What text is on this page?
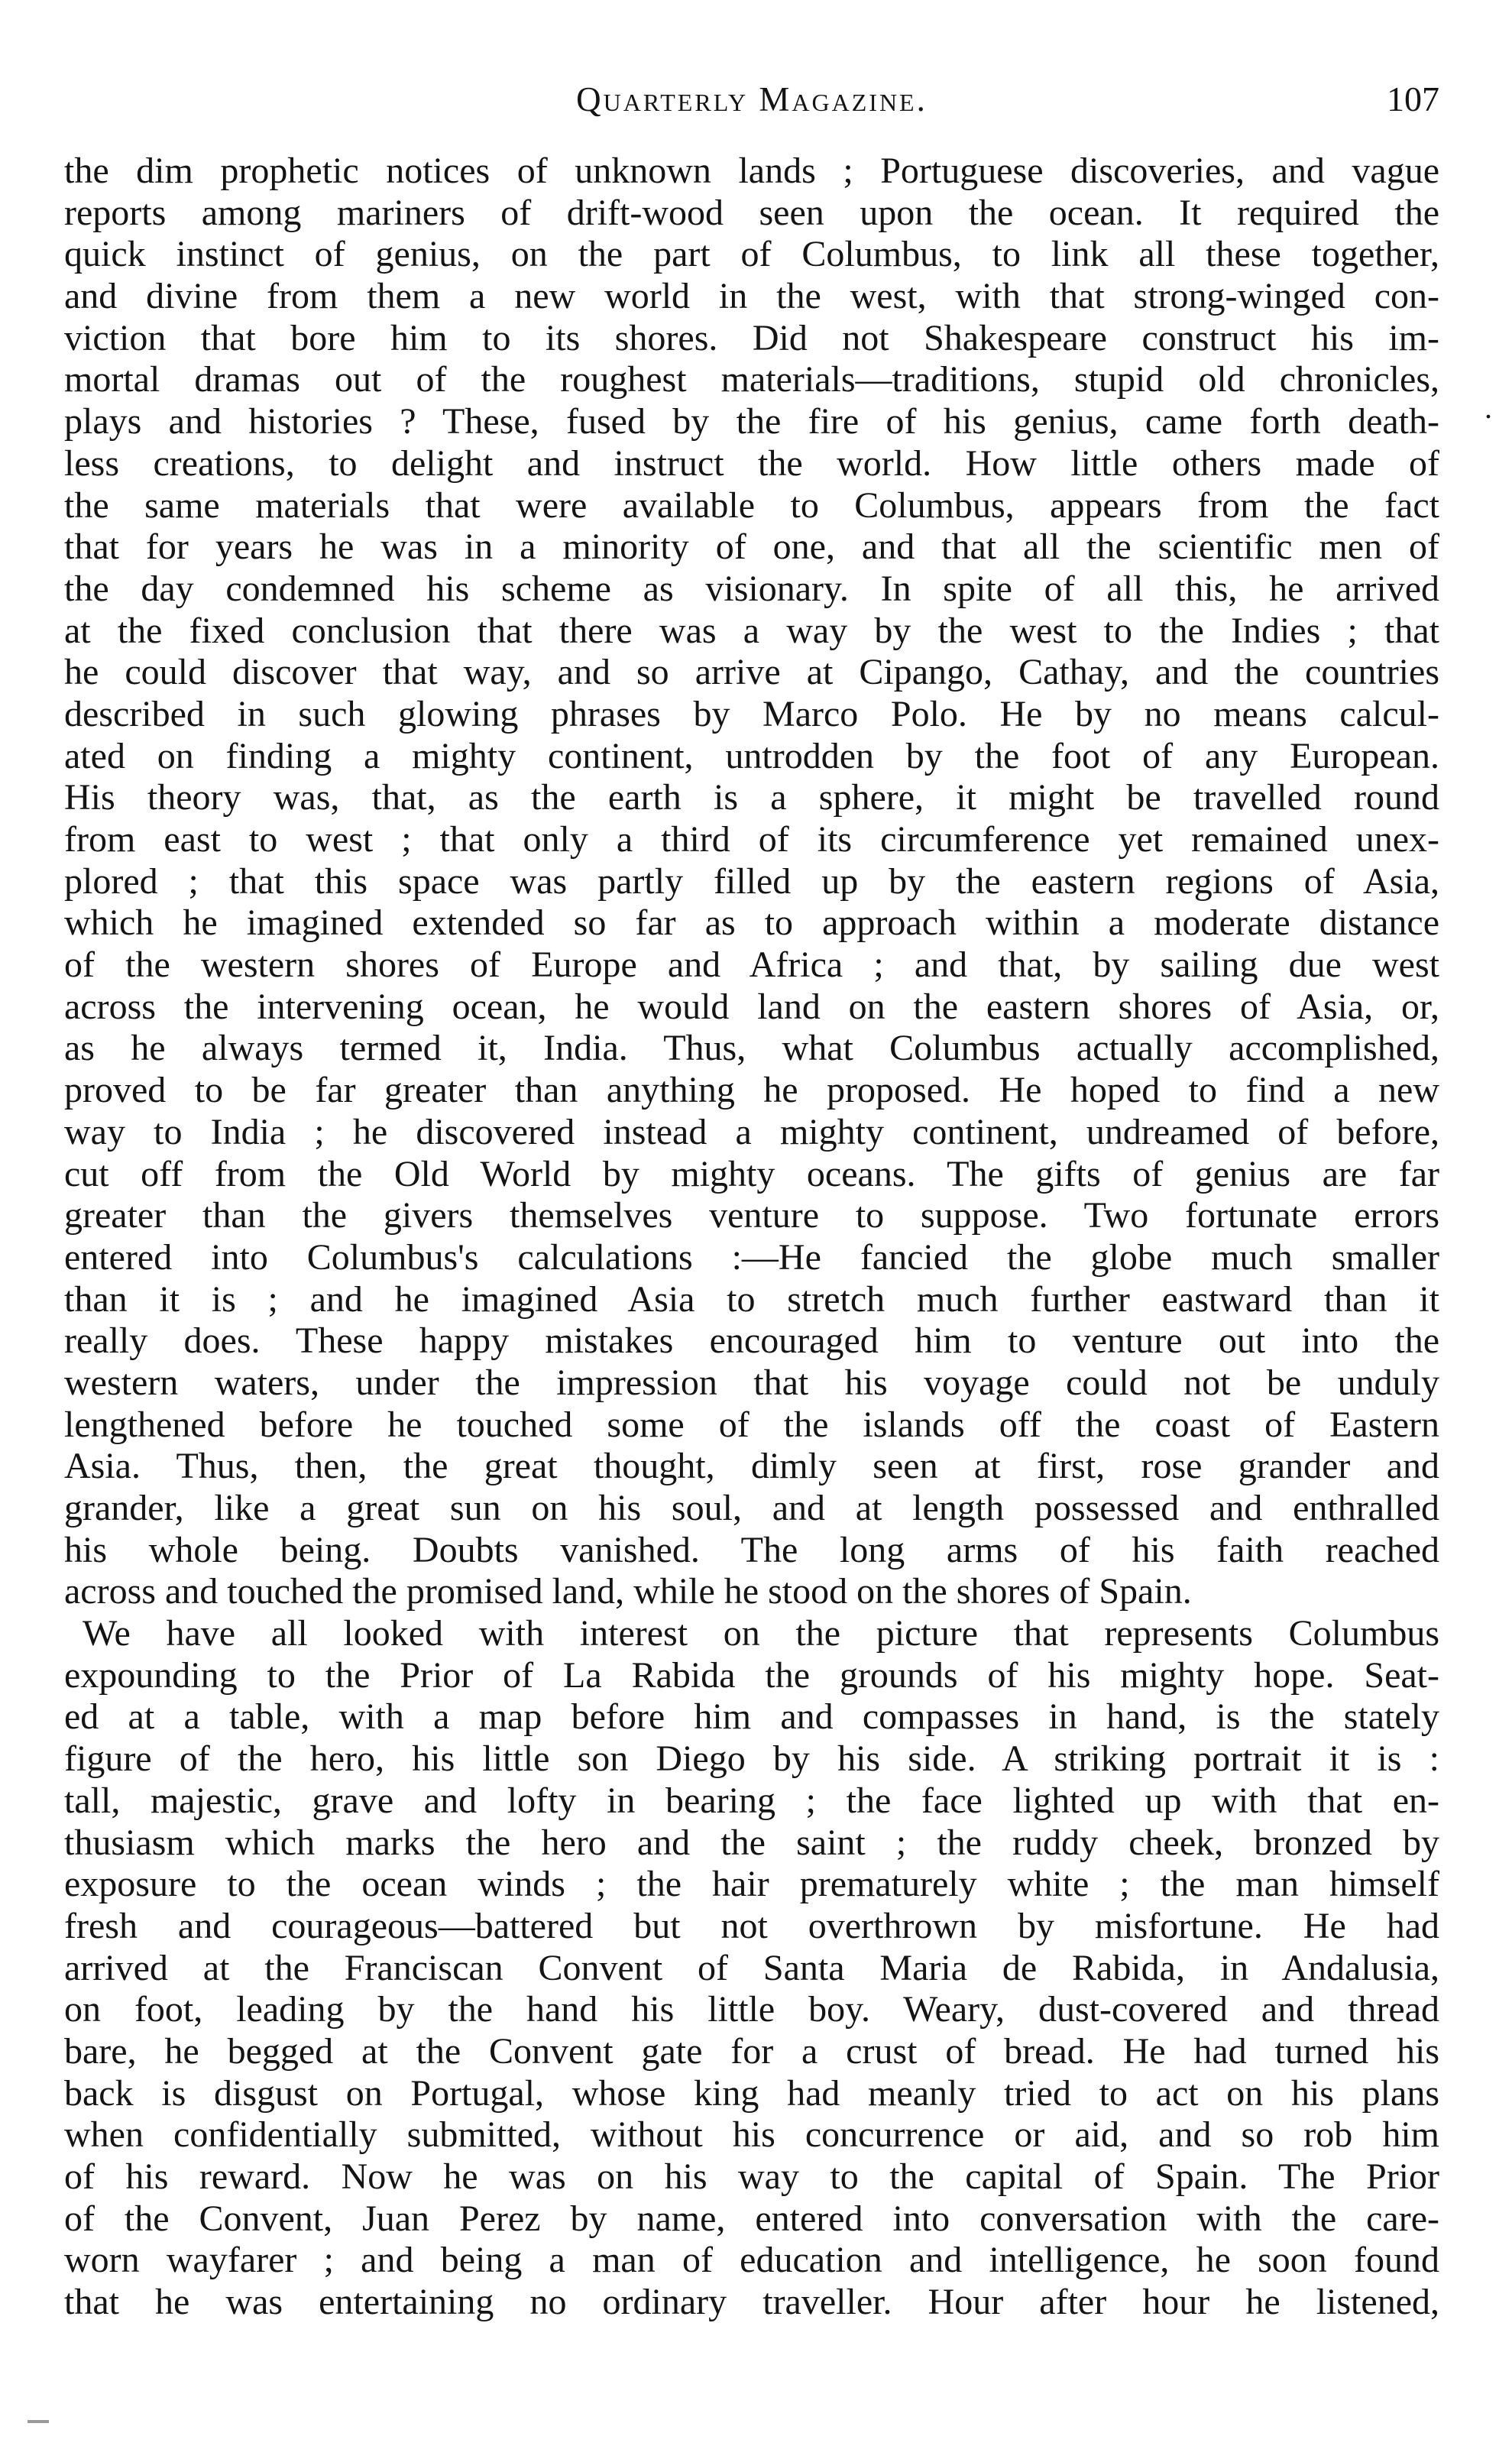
Quarterly Magazine.	107
.
the dim prophetic notices of unknown lands ; Portuguese discoveries, and vague
reports among mariners of drift-wood seen upon the ocean. It required the
quick instinct of genius, on the part of Columbus, to link all these together,
and divine from them a new world in the west, with that strong-winged con-
viction that bore him to its shores. Did not Shakespeare construct his im-
mortal dramas out of the roughest materials—traditions, stupid old chronicles,
plays and histories ? These, fused by the fire of his genius, came forth death-
less creations, to delight and instruct the world. How little others made of
the same materials that were available to Columbus, appears from the fact
that for years he was in a minority of one, and that all the scientific men of
the day condemned his scheme as visionary. In spite of all this, he arrived
at the fixed conclusion that there was a way by the west to the Indies ; that
he could discover that way, and so arrive at Cipango, Cathay, and the countries
described in such glowing phrases by Marco Polo. He by no means calcul-
ated on finding a mighty continent, untrodden by the foot of any European.
His theory was, that, as the earth is a sphere, it might be travelled round
from east to west ; that only a third of its circumference yet remained unex-
plored ; that this space was partly filled up by the eastern regions of Asia,
which he imagined extended so far as to approach within a moderate distance
of the western shores of Europe and Africa ; and that, by sailing due west
across the intervening ocean, he would land on the eastern shores of Asia, or,
as he always termed it, India. Thus, what Columbus actually accomplished,
proved to be far greater than anything he proposed. He hoped to find a new
way to India ; he discovered instead a mighty continent, undreamed of before,
cut off from the Old World by mighty oceans. The gifts of genius are far
greater than the givers themselves venture to suppose. Two fortunate errors
entered into Columbus's calculations :—He fancied the globe much smaller
than it is ; and he imagined Asia to stretch much further eastward than it
really does. These happy mistakes encouraged him to venture out into the
western waters, under the impression that his voyage could not be unduly
lengthened before he touched some of the islands off the coast of Eastern
Asia. Thus, then, the great thought, dimly seen at first, rose grander and
grander, like a great sun on his soul, and at length possessed and enthralled
his whole being. Doubts vanished. The long arms of his faith reached
across and touched the promised land, while he stood on the shores of Spain.
We have all looked with interest on the picture that represents Columbus
expounding to the Prior of La Rabida the grounds of his mighty hope. Seat-
ed at a table, with a map before him and compasses in hand, is the stately
figure of the hero, his little son Diego by his side. A striking portrait it is :
tall, majestic, grave and lofty in bearing ; the face lighted up with that en-
thusiasm which marks the hero and the saint ; the ruddy cheek, bronzed by
exposure to the ocean winds ; the hair prematurely white ; the man himself
fresh and courageous—battered but not overthrown by misfortune. He had
arrived at the Franciscan Convent of Santa Maria de Rabida, in Andalusia,
on foot, leading by the hand his little boy. Weary, dust-covered and thread
bare, he begged at the Convent gate for a crust of bread. He had turned his
back is disgust on Portugal, whose king had meanly tried to act on his plans
when confidentially submitted, without his concurrence or aid, and so rob him
of his reward. Now he was on his way to the capital of Spain. The Prior
of the Convent, Juan Perez by name, entered into conversation with the care-
worn wayfarer ; and being a man of education and intelligence, he soon found
that he was entertaining no ordinary traveller. Hour after hour he listened,
